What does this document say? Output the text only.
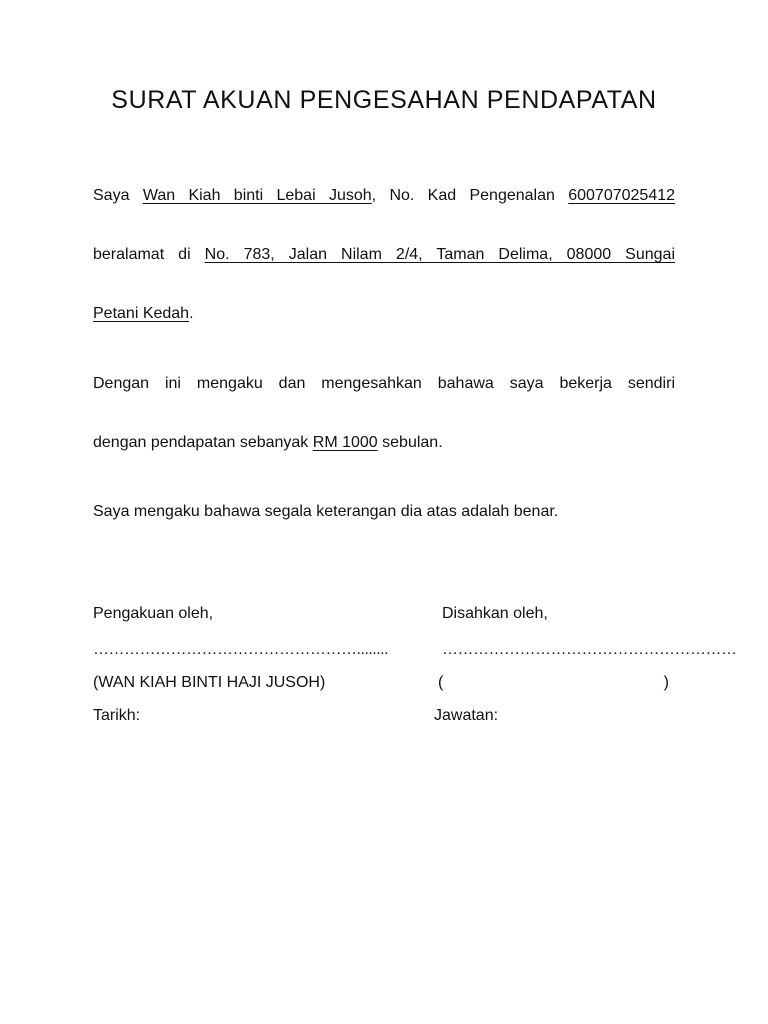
SURAT AKUAN PENGESAHAN PENDAPATAN
Saya Wan Kiah binti Lebai Jusoh, No. Kad Pengenalan 600707025412
beralamat di No. 783, Jalan Nilam 2/4, Taman Delima, 08000 Sungai
Petani Kedah.
Dengan ini mengaku dan mengesahkan bahawa saya bekerja sendiri
dengan pendapatan sebanyak RM 1000 sebulan.
Saya mengaku bahawa segala keterangan dia atas adalah benar.
Pengakuan oleh,
……………………………………………........
(WAN KIAH BINTI HAJI JUSOH)
Tarikh:
Disahkan oleh,
…………………………………………………
(	)
Jawatan:
